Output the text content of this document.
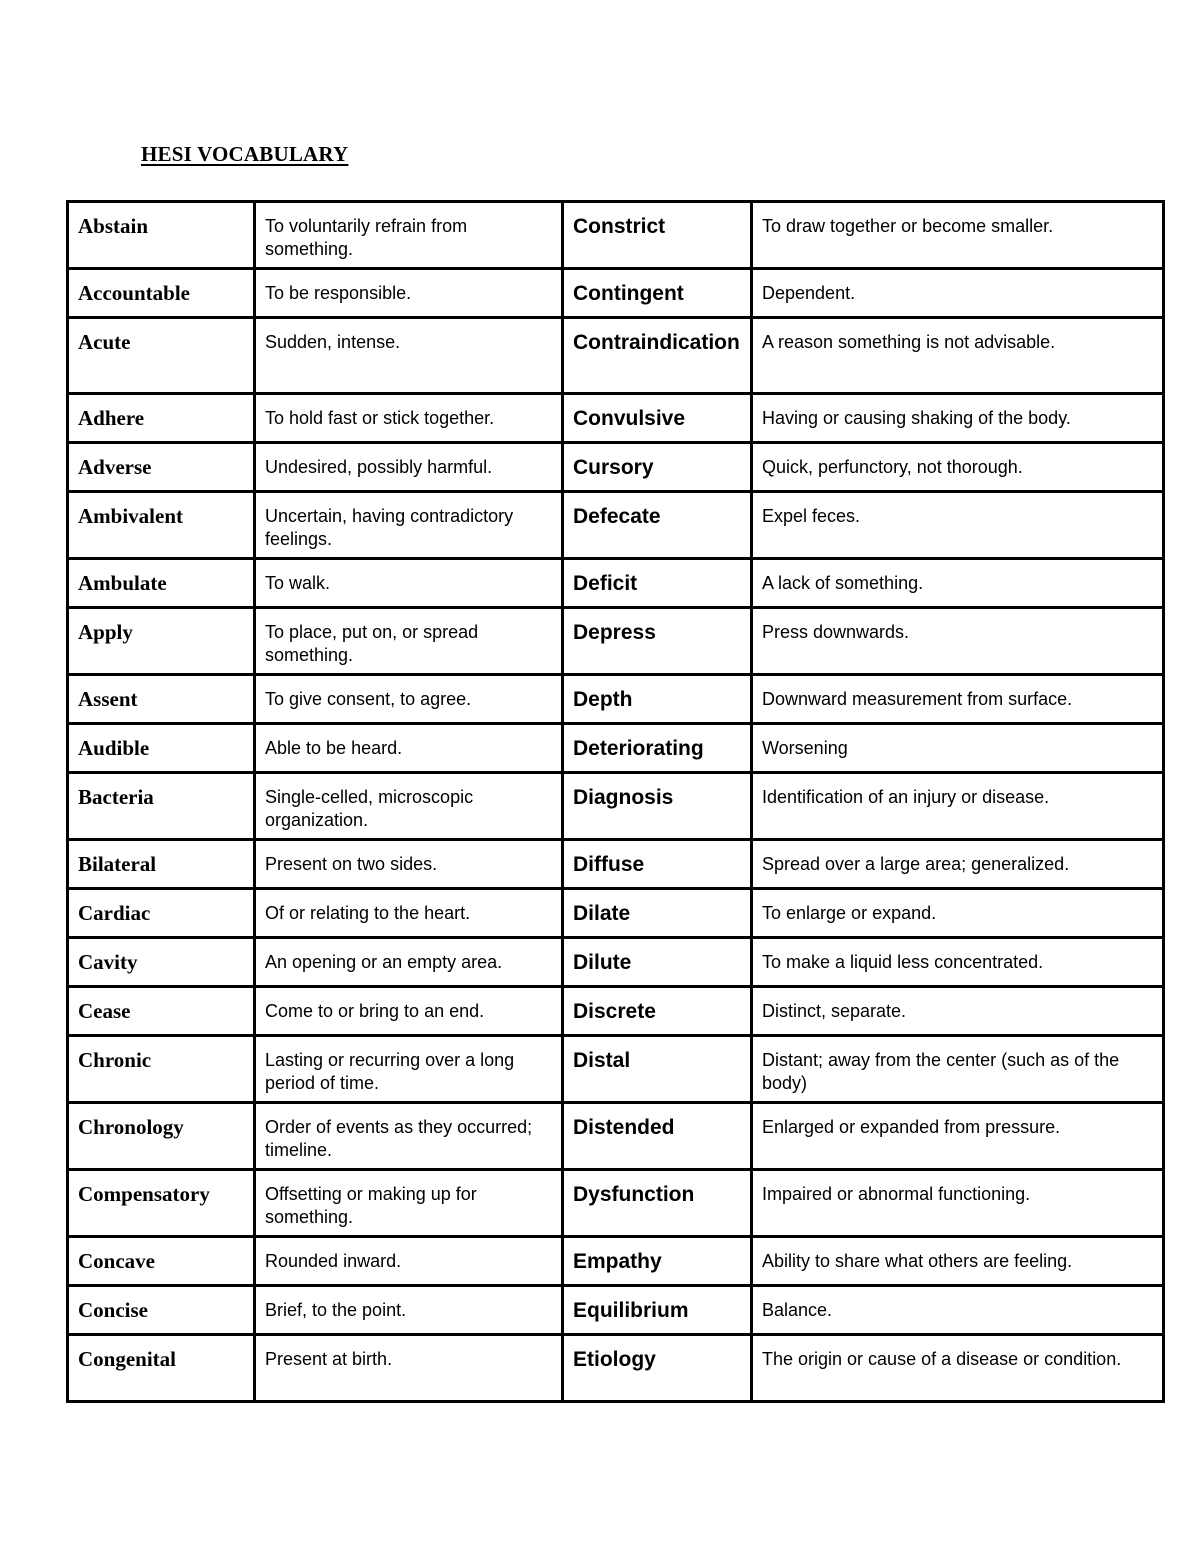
HESI VOCABULARY
Abstain	To voluntarily refrain from something.	Constrict	To draw together or become smaller.
Accountable	To be responsible.	Contingent	Dependent.
Acute	Sudden, intense.	Contraindication	A reason something is not advisable.
Adhere	To hold fast or stick together.	Convulsive	Having or causing shaking of the body.
Adverse	Undesired, possibly harmful.	Cursory	Quick, perfunctory, not thorough.
Ambivalent	Uncertain, having contradictory feelings.	Defecate	Expel feces.
Ambulate	To walk.	Deficit	A lack of something.
Apply	To place, put on, or spread something.	Depress	Press downwards.
Assent	To give consent, to agree.	Depth	Downward measurement from surface.
Audible	Able to be heard.	Deteriorating	Worsening
Bacteria	Single-celled, microscopic organization.	Diagnosis	Identification of an injury or disease.
Bilateral	Present on two sides.	Diffuse	Spread over a large area; generalized.
Cardiac	Of or relating to the heart.	Dilate	To enlarge or expand.
Cavity	An opening or an empty area.	Dilute	To make a liquid less concentrated.
Cease	Come to or bring to an end.	Discrete	Distinct, separate.
Chronic	Lasting or recurring over a long period of time.	Distal	Distant; away from the center (such as of the body)
Chronology	Order of events as they occurred; timeline.	Distended	Enlarged or expanded from pressure.
Compensatory	Offsetting or making up for something.	Dysfunction	Impaired or abnormal functioning.
Concave	Rounded inward.	Empathy	Ability to share what others are feeling.
Concise	Brief, to the point.	Equilibrium	Balance.
Congenital	Present at birth.	Etiology	The origin or cause of a disease or condition.
